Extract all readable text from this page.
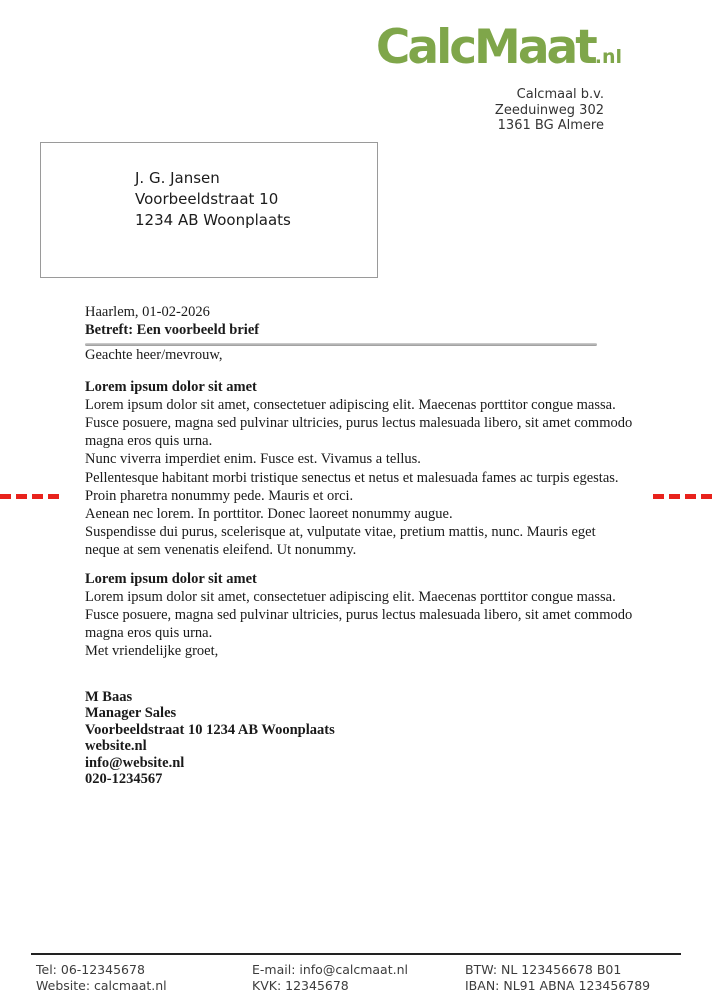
CalcMaat.nl
Calcmaal b.v.
Zeeduinweg 302
1361 BG Almere
J. G. Jansen
Voorbeeldstraat 10
1234 AB Woonplaats

Haarlem, 01-02-2026

Betreft: Een voorbeeld brief

Geachte heer/mevrouw,

Lorem ipsum dolor sit amet

Lorem ipsum dolor sit amet, consectetuer adipiscing elit. Maecenas porttitor congue massa. Fusce posuere, magna sed pulvinar ultricies, purus lectus malesuada libero, sit amet commodo magna eros quis urna.

Nunc viverra imperdiet enim. Fusce est. Vivamus a tellus.

Pellentesque habitant morbi tristique senectus et netus et malesuada fames ac turpis egestas. Proin pharetra nonummy pede. Mauris et orci.

Aenean nec lorem. In porttitor. Donec laoreet nonummy augue.

Suspendisse dui purus, scelerisque at, vulputate vitae, pretium mattis, nunc. Mauris eget neque at sem venenatis eleifend. Ut nonummy.

Lorem ipsum dolor sit amet

Lorem ipsum dolor sit amet, consectetuer adipiscing elit. Maecenas porttitor congue massa. Fusce posuere, magna sed pulvinar ultricies, purus lectus malesuada libero, sit amet commodo magna eros quis urna.

Met vriendelijke groet,

M Baas
Manager Sales
Voorbeeldstraat 10 1234 AB Woonplaats
website.nl
info@website.nl
020-1234567
Tel: 06-12345678
Website: calcmaat.nl
E-mail: info@calcmaat.nl
KVK: 12345678
BTW: NL 123456678 B01
IBAN: NL91 ABNA 123456789
